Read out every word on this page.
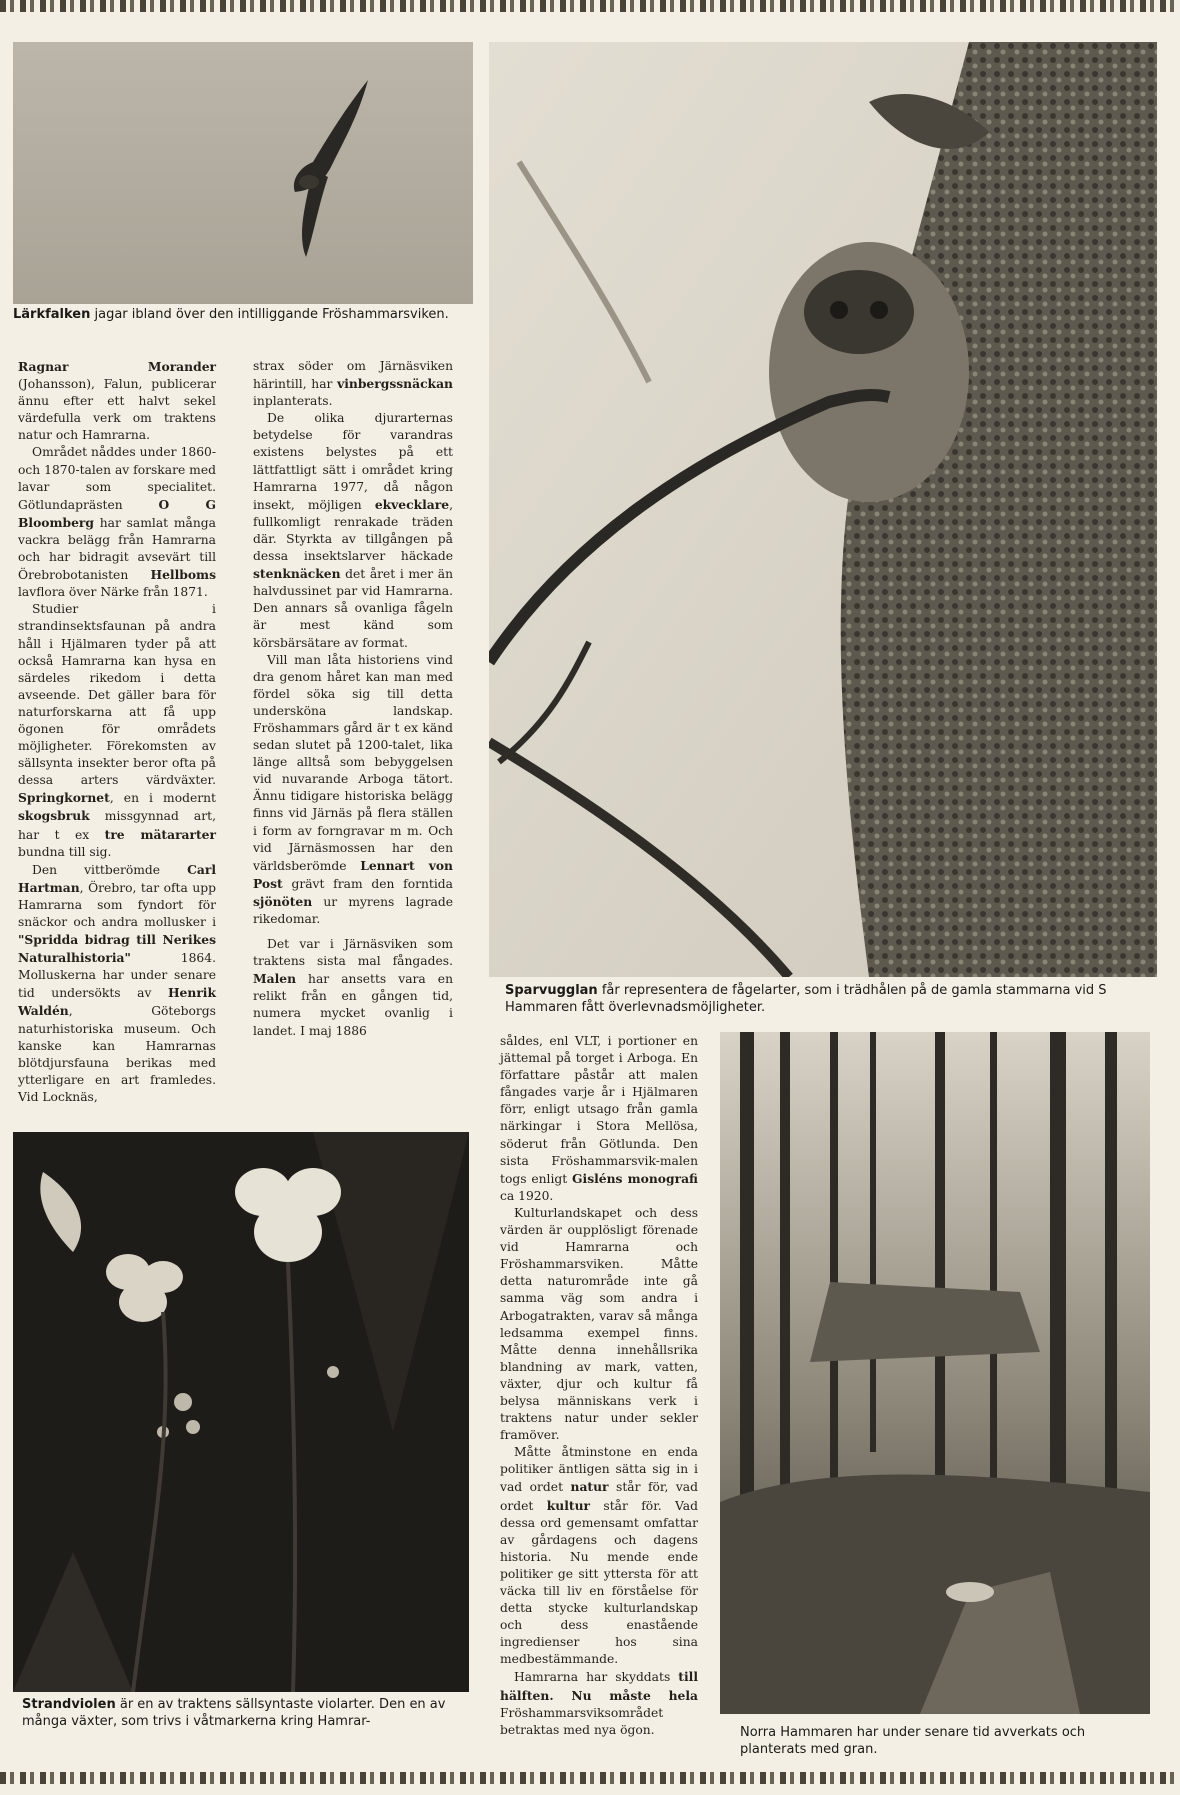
Lärkfalken jagar ibland över den intilliggande Fröshammarsviken.
Sparvugglan får representera de fågelarter, som i trädhålen på de gamla stammarna vid S Hammaren fått överlevnadsmöjligheter.

Ragnar Morander (Johansson), Falun, publicerar ännu efter ett halvt sekel värdefulla verk om traktens natur och Hamrarna.

Området nåddes under 1860- och 1870-talen av forskare med lavar som specialitet. Götlundaprästen O G Bloomberg har samlat många vackra belägg från Hamrarna och har bidragit avsevärt till Örebrobotanisten Hellboms lavflora över Närke från 1871.

Studier i strandinsektsfaunan på andra håll i Hjälmaren tyder på att också Hamrarna kan hysa en särdeles rikedom i detta avseende. Det gäller bara för naturforskarna att få upp ögonen för områdets möjligheter. Förekomsten av sällsynta insekter beror ofta på dessa arters värdväxter. Springkornet, en i modernt skogsbruk missgynnad art, har t ex tre mätararter bundna till sig.

Den vittberömde Carl Hartman, Örebro, tar ofta upp Hamrarna som fyndort för snäckor och andra mollusker i "Spridda bidrag till Nerikes Naturalhistoria" 1864. Molluskerna har under senare tid undersökts av Henrik Waldén, Göteborgs naturhistoriska museum. Och kanske kan Hamrarnas blötdjursfauna berikas med ytterligare en art framledes. Vid Locknäs,

strax söder om Järnäsviken härintill, har vinbergssnäckan inplanterats.

De olika djurarternas betydelse för varandras existens belystes på ett lättfattligt sätt i området kring Hamrarna 1977, då någon insekt, möjligen ekvecklare, fullkomligt renrakade träden där. Styrkta av tillgången på dessa insektslarver häckade stenknäcken det året i mer än halvdussinet par vid Hamrarna. Den annars så ovanliga fågeln är mest känd som körsbärsätare av format.

Vill man låta historiens vind dra genom håret kan man med fördel söka sig till detta undersköna landskap. Fröshammars gård är t ex känd sedan slutet på 1200-talet, lika länge alltså som bebyggelsen vid nuvarande Arboga tätort. Ännu tidigare historiska belägg finns vid Järnäs på flera ställen i form av forngravar m m. Och vid Järnäsmossen har den världsberömde Lennart von Post grävt fram den forntida sjönöten ur myrens lagrade rikedomar.

Det var i Järnäsviken som traktens sista mal fångades. Malen har ansetts vara en relikt från en gången tid, numera mycket ovanlig i landet. I maj 1886

Strandviolen är en av traktens sällsyntaste violarter. Den en av många växter, som trivs i våtmarkerna kring Hamrar-

såldes, enl VLT, i portioner en jättemal på torget i Arboga. En författare påstår att malen fångades varje år i Hjälmaren förr, enligt utsago från gamla närkingar i Stora Mellösa, söderut från Götlunda. Den sista Fröshammarsvik-malen togs enligt Gisléns monografi ca 1920.

Kulturlandskapet och dess värden är oupplösligt förenade vid Hamrarna och Fröshammarsviken. Måtte detta naturområde inte gå samma väg som andra i Arbogatrakten, varav så många ledsamma exempel finns. Måtte denna innehållsrika blandning av mark, vatten, växter, djur och kultur få belysa människans verk i traktens natur under sekler framöver.

Måtte åtminstone en enda politiker äntligen sätta sig in i vad ordet natur står för, vad ordet kultur står för. Vad dessa ord gemensamt omfattar av gårdagens och dagens historia. Nu mende ende politiker ge sitt yttersta för att väcka till liv en förståelse för detta stycke kulturlandskap och dess enastående ingredienser hos sina medbestämmande.

Hamrarna har skyddats till hälften. Nu måste hela Fröshammarsviksområdet betraktas med nya ögon.	Norra Hammaren har under senare tid avverkats och planterats med gran.
